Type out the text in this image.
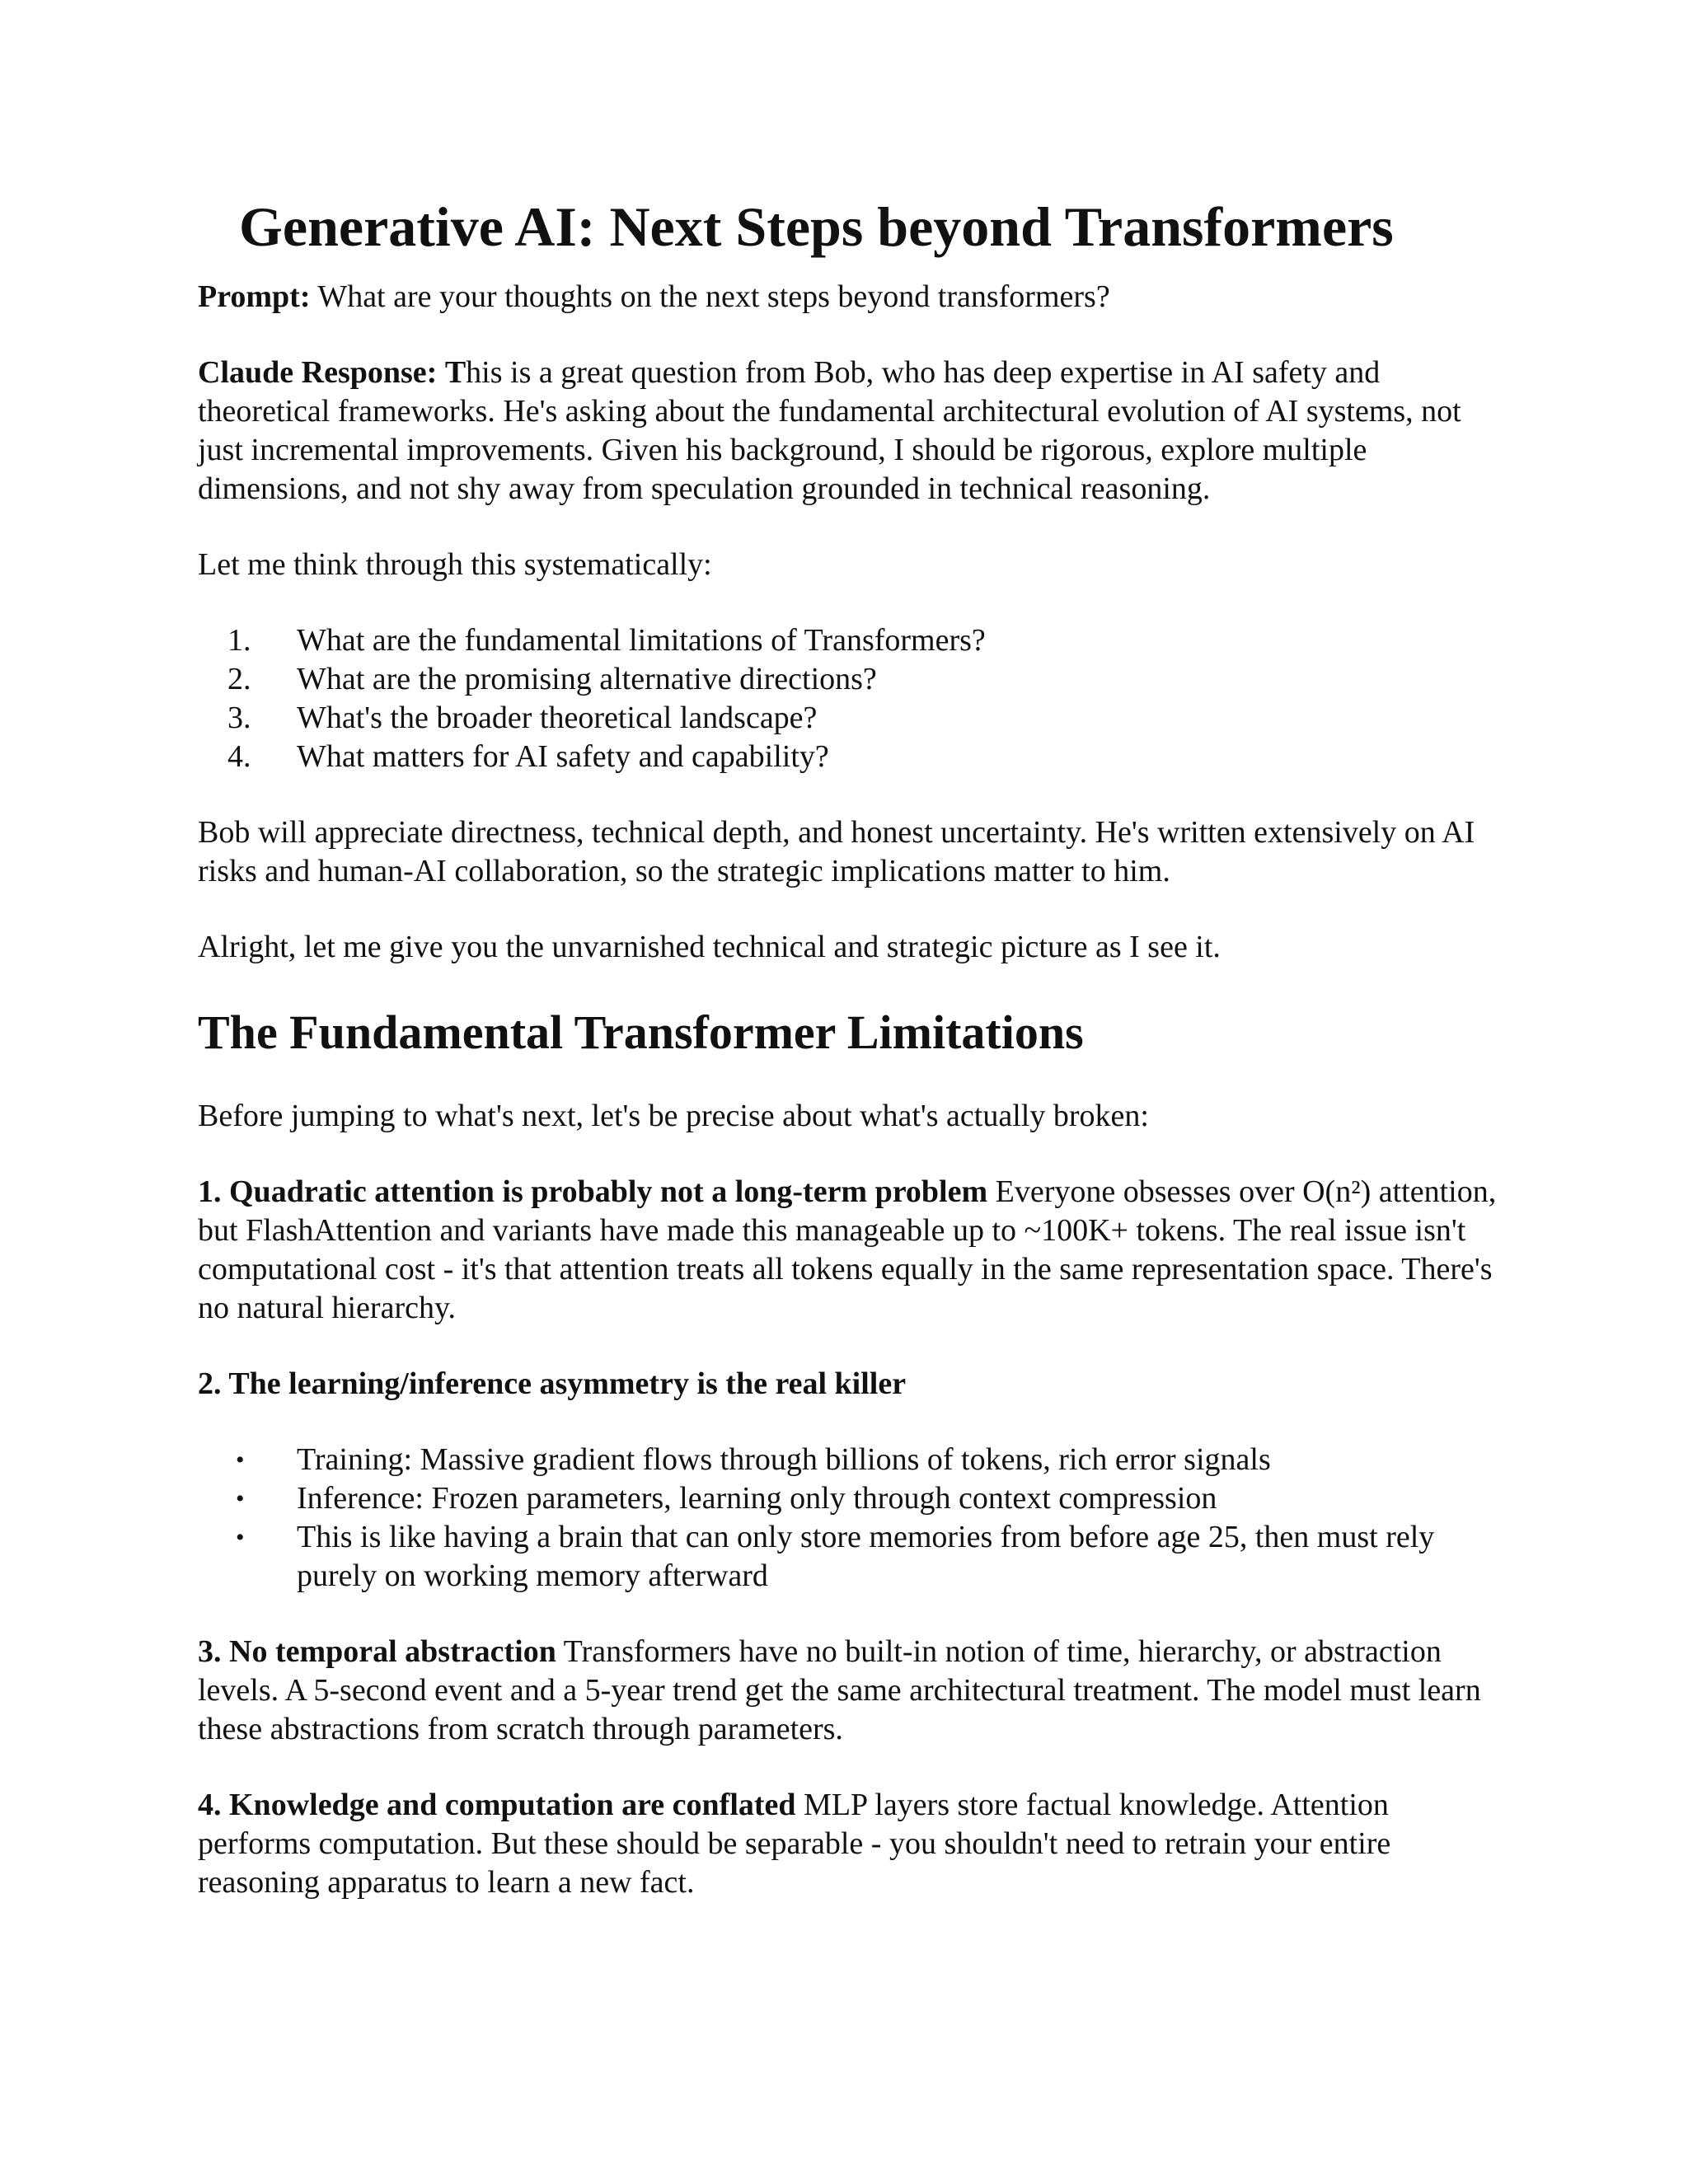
Generative AI: Next Steps beyond Transformers

Prompt: What are your thoughts on the next steps beyond transformers?

Claude Response: This is a great question from Bob, who has deep expertise in AI safety and theoretical frameworks. He's asking about the fundamental architectural evolution of AI systems, not just incremental improvements. Given his background, I should be rigorous, explore multiple dimensions, and not shy away from speculation grounded in technical reasoning.

Let me think through this systematically:

1.	What are the fundamental limitations of Transformers?
2.	What are the promising alternative directions?
3.	What's the broader theoretical landscape?
4.	What matters for AI safety and capability?

Bob will appreciate directness, technical depth, and honest uncertainty. He's written extensively on AI risks and human-AI collaboration, so the strategic implications matter to him.

Alright, let me give you the unvarnished technical and strategic picture as I see it.

The Fundamental Transformer Limitations

Before jumping to what's next, let's be precise about what's actually broken:

1. Quadratic attention is probably not a long-term problem Everyone obsesses over O(n²) attention, but FlashAttention and variants have made this manageable up to ~100K+ tokens. The real issue isn't computational cost - it's that attention treats all tokens equally in the same representation space. There's no natural hierarchy.

2. The learning/inference asymmetry is the real killer

•	Training: Massive gradient flows through billions of tokens, rich error signals
•	Inference: Frozen parameters, learning only through context compression
•	This is like having a brain that can only store memories from before age 25, then must rely purely on working memory afterward

3. No temporal abstraction Transformers have no built-in notion of time, hierarchy, or abstraction levels. A 5-second event and a 5-year trend get the same architectural treatment. The model must learn these abstractions from scratch through parameters.

4. Knowledge and computation are conflated MLP layers store factual knowledge. Attention performs computation. But these should be separable - you shouldn't need to retrain your entire reasoning apparatus to learn a new fact.
